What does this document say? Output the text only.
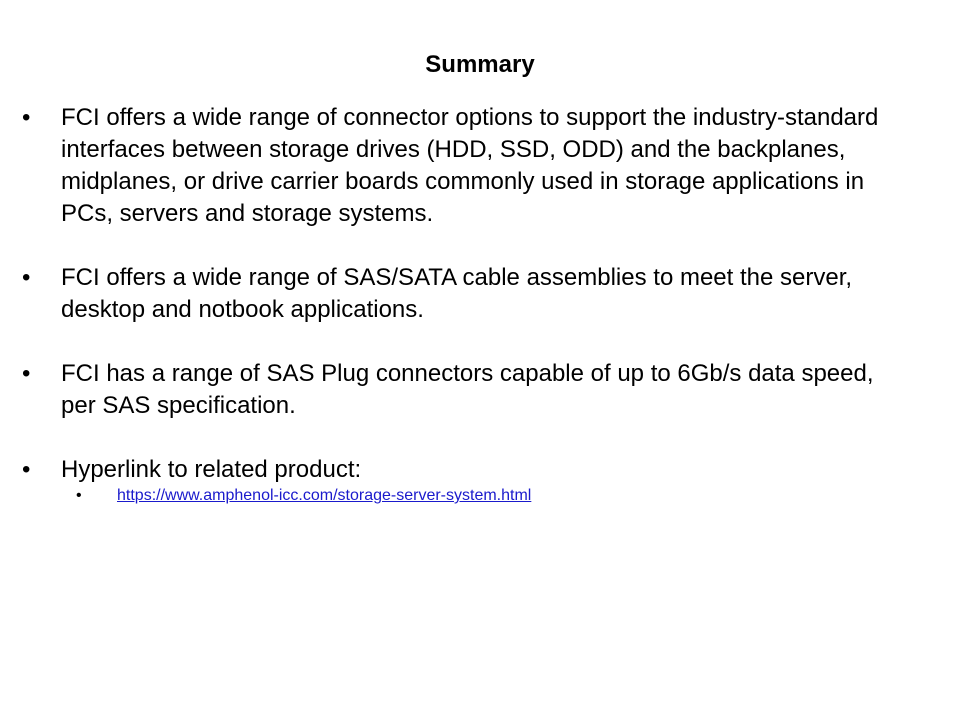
Summary
•	FCI offers a wide range of connector options to support the industry-standard interfaces between storage drives (HDD, SSD, ODD) and the backplanes, midplanes, or drive carrier boards commonly used in storage applications in PCs, servers and storage systems.
•	FCI offers a wide range of SAS/SATA cable assemblies to meet the server, desktop and notbook applications.
•	FCI has a range of SAS Plug connectors capable of up to 6Gb/s data speed, per SAS specification.
•	Hyperlink to related product:
•	https://www.amphenol-icc.com/storage-server-system.html
